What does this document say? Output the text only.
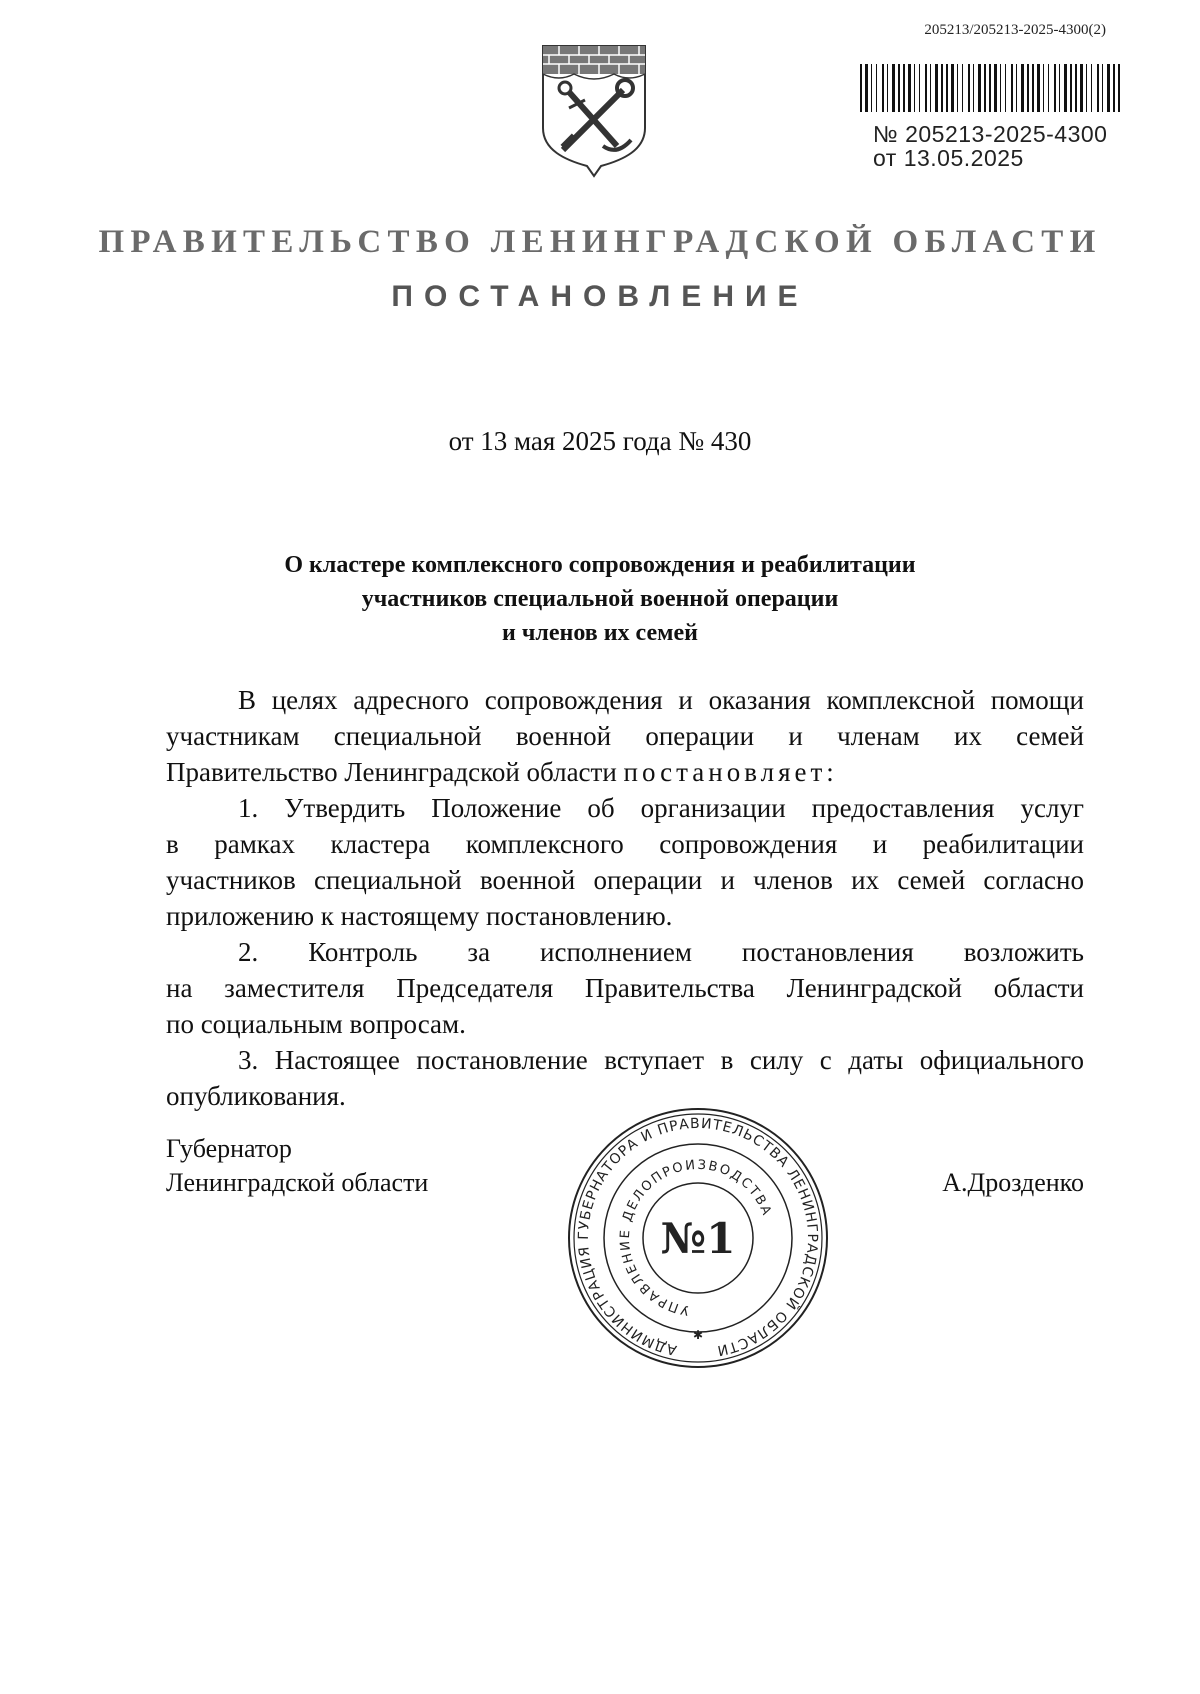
205213/205213-2025-4300(2)
№ 205213-2025-4300
от 13.05.2025
ПРАВИТЕЛЬСТВО ЛЕНИНГРАДСКОЙ ОБЛАСТИ
ПОСТАНОВЛЕНИЕ
от 13 мая 2025 года № 430
О кластере комплексного сопровождения и реабилитации
участников специальной военной операции
и членов их семей
В целях адресного сопровождения и оказания комплексной помощи
участникам специальной военной операции и членам их семей
Правительство Ленинградской области постановляет:
1. Утвердить Положение об организации предоставления услуг
в рамках кластера комплексного сопровождения и реабилитации
участников специальной военной операции и членов их семей согласно
приложению к настоящему постановлению.
2. Контроль за исполнением постановления возложить
на заместителя Председателя Правительства Ленинградской области
по социальным вопросам.
3. Настоящее постановление вступает в силу с даты официального
опубликования.
Губернатор
Ленинградской области	А.Дрозденко
АДМИНИСТРАЦИЯ ГУБЕРНАТОРА И ПРАВИТЕЛЬСТВА ЛЕНИНГРАДСКОЙ ОБЛАСТИ
УПРАВЛЕНИЕ ДЕЛОПРОИЗВОДСТВА
№1
✱
